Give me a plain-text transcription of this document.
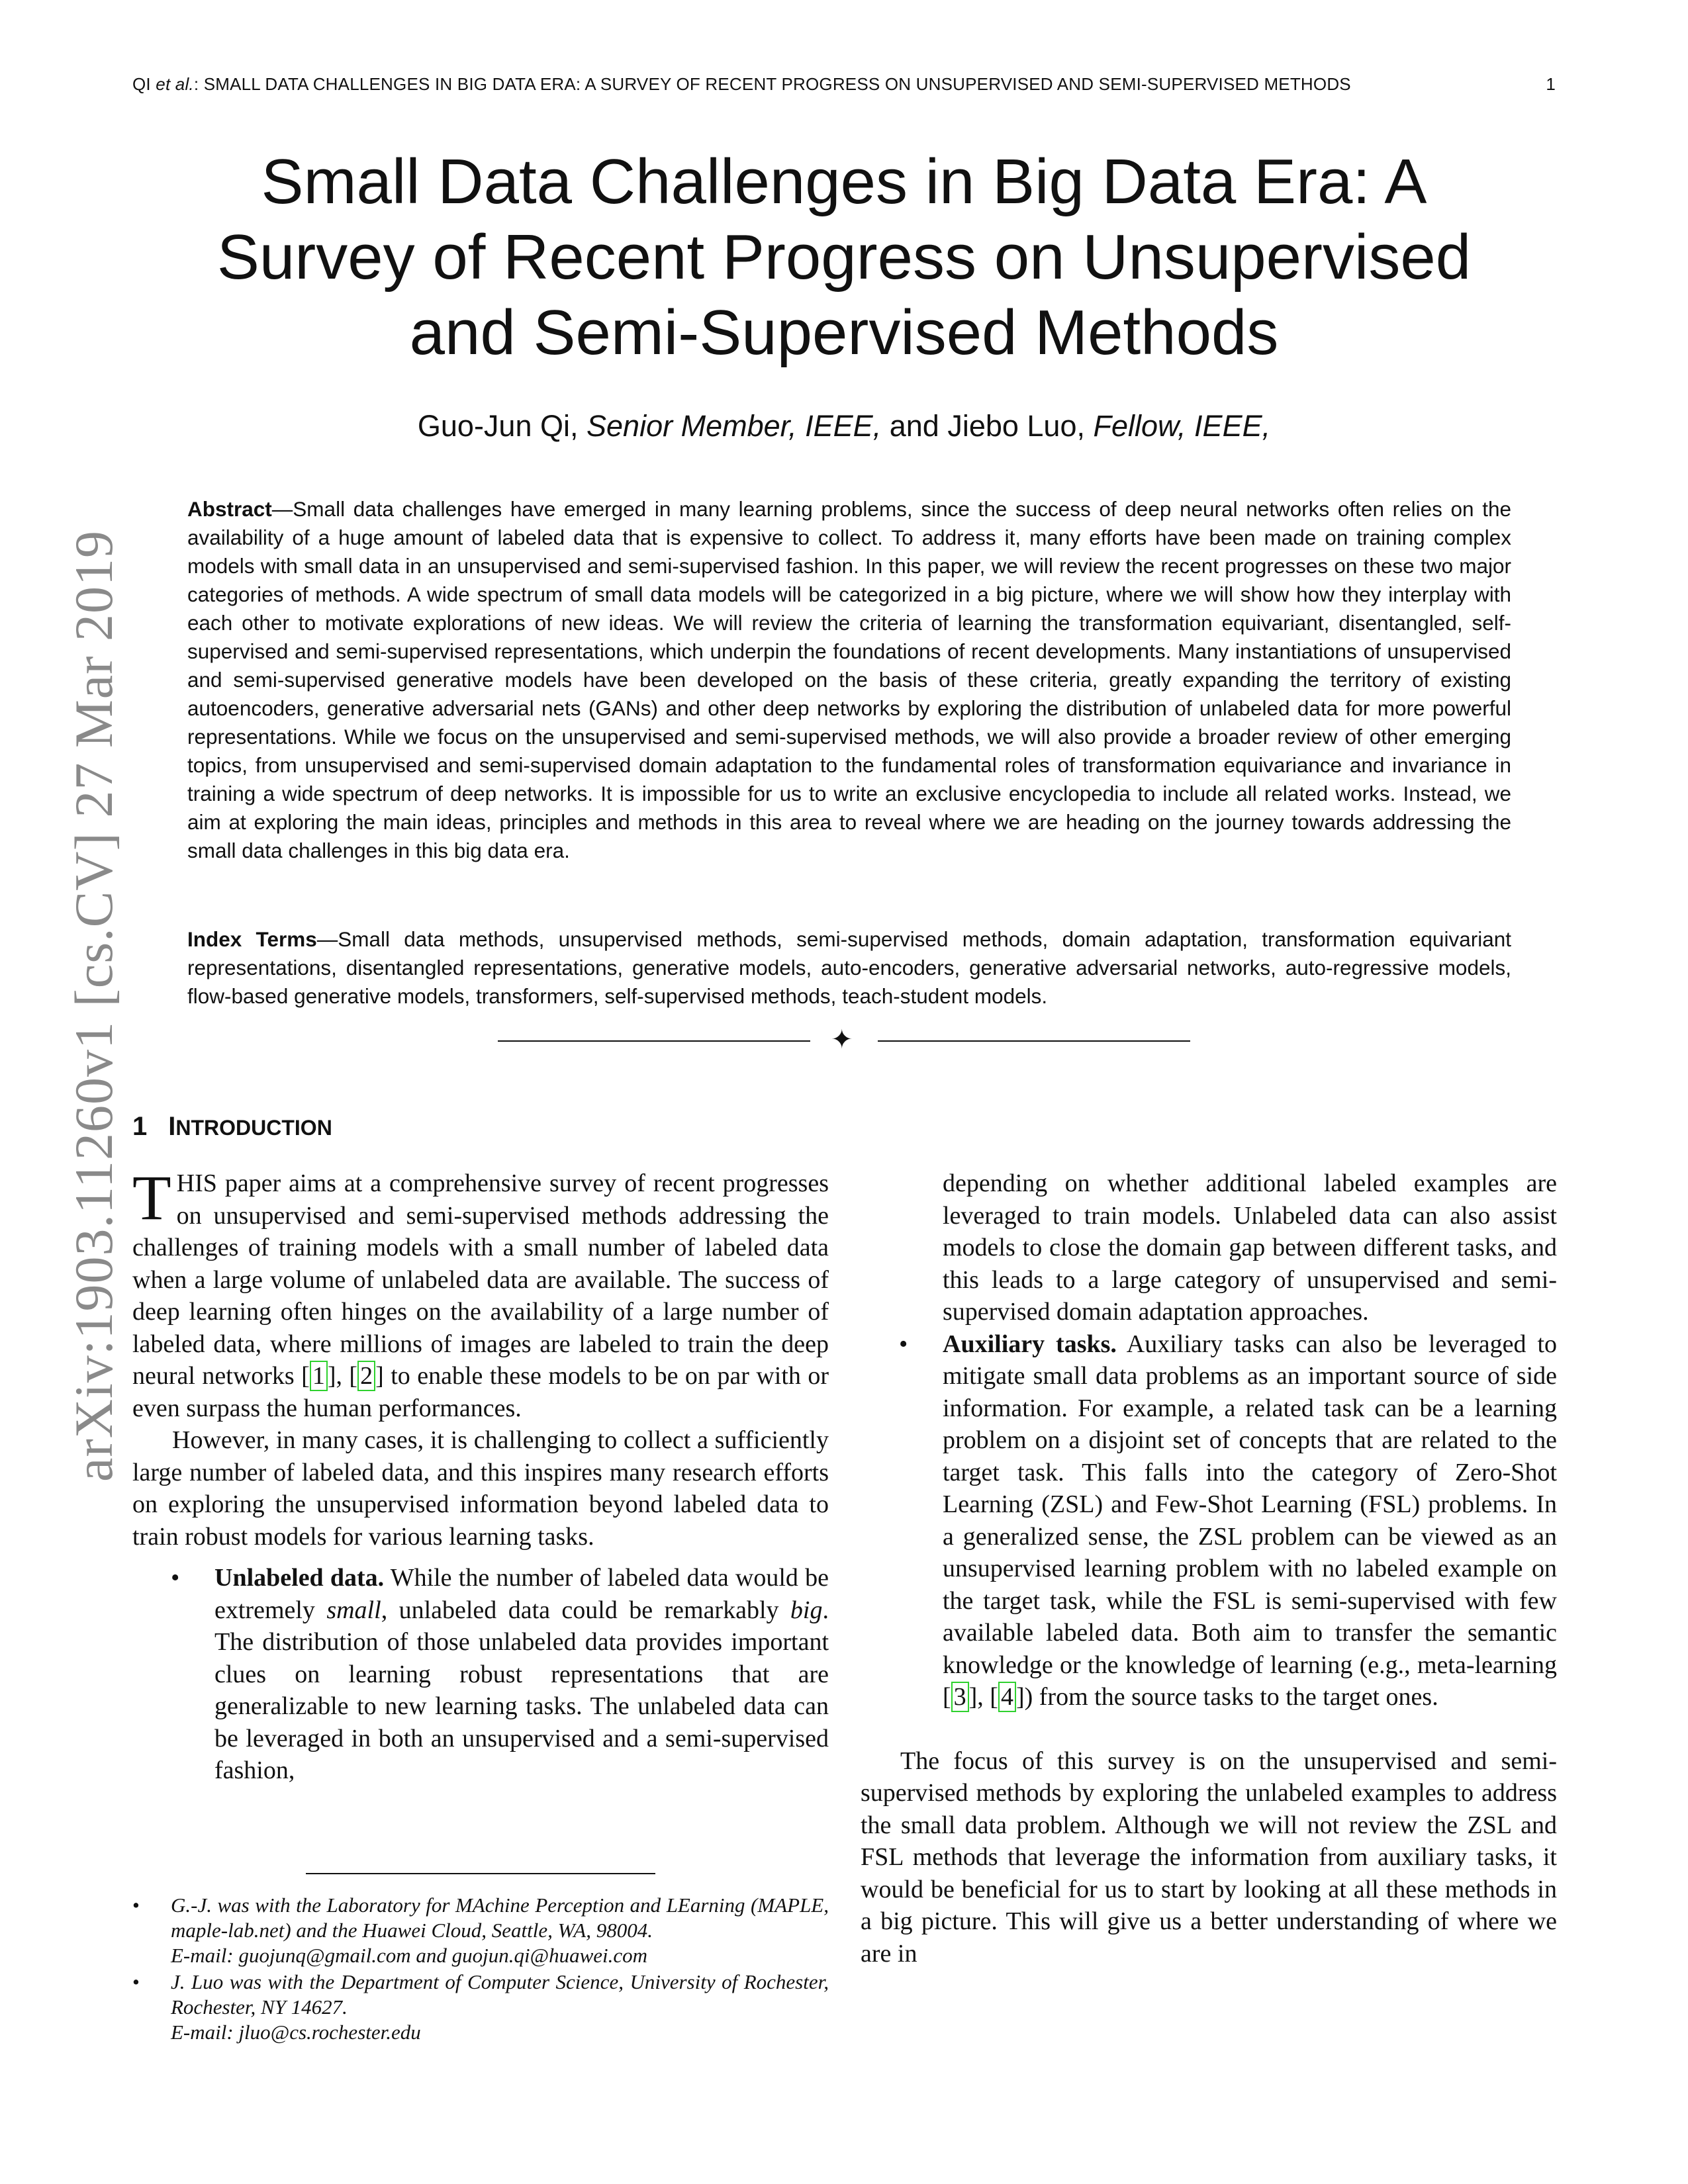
QI et al.: SMALL DATA CHALLENGES IN BIG DATA ERA: A SURVEY OF RECENT PROGRESS ON UNSUPERVISED AND SEMI-SUPERVISED METHODS	1
arXiv:1903.11260v1 [cs.CV] 27 Mar 2019
Small Data Challenges in Big Data Era: A
Survey of Recent Progress on Unsupervised
and Semi-Supervised Methods
Guo-Jun Qi, Senior Member, IEEE, and Jiebo Luo, Fellow, IEEE,
Abstract—Small data challenges have emerged in many learning problems, since the success of deep neural networks often relies on the availability of a huge amount of labeled data that is expensive to collect. To address it, many efforts have been made on training complex models with small data in an unsupervised and semi-supervised fashion. In this paper, we will review the recent progresses on these two major categories of methods. A wide spectrum of small data models will be categorized in a big picture, where we will show how they interplay with each other to motivate explorations of new ideas. We will review the criteria of learning the transformation equivariant, disentangled, self-supervised and semi-supervised representations, which underpin the foundations of recent developments. Many instantiations of unsupervised and semi-supervised generative models have been developed on the basis of these criteria, greatly expanding the territory of existing autoencoders, generative adversarial nets (GANs) and other deep networks by exploring the distribution of unlabeled data for more powerful representations. While we focus on the unsupervised and semi-supervised methods, we will also provide a broader review of other emerging topics, from unsupervised and semi-supervised domain adaptation to the fundamental roles of transformation equivariance and invariance in training a wide spectrum of deep networks. It is impossible for us to write an exclusive encyclopedia to include all related works. Instead, we aim at exploring the main ideas, principles and methods in this area to reveal where we are heading on the journey towards addressing the small data challenges in this big data era.
Index Terms—Small data methods, unsupervised methods, semi-supervised methods, domain adaptation, transformation equivariant representations, disentangled representations, generative models, auto-encoders, generative adversarial networks, auto-regressive models, flow-based generative models, transformers, self-supervised methods, teach-student models.
✦
1 INTRODUCTION

THIS paper aims at a comprehensive survey of recent progresses on unsupervised and semi-supervised methods addressing the challenges of training models with a small number of labeled data when a large volume of unlabeled data are available. The success of deep learning often hinges on the availability of a large number of labeled data, where millions of images are labeled to train the deep neural networks [ 1 ], [ 2 ] to enable these models to be on par with or even surpass the human performances.

However, in many cases, it is challenging to collect a sufficiently large number of labeled data, and this inspires many research efforts on exploring the unsupervised information beyond labeled data to train robust models for various learning tasks.

• Unlabeled data. While the number of labeled data would be extremely small, unlabeled data could be remarkably big. The distribution of those unlabeled data provides important clues on learning robust representations that are generalizable to new learning tasks. The unlabeled data can be leveraged in both an unsupervised and a semi-supervised fashion,

depending on whether additional labeled examples are leveraged to train models. Unlabeled data can also assist models to close the domain gap between different tasks, and this leads to a large category of unsupervised and semi-supervised domain adaptation approaches.

• Auxiliary tasks. Auxiliary tasks can also be leveraged to mitigate small data problems as an important source of side information. For example, a related task can be a learning problem on a disjoint set of concepts that are related to the target task. This falls into the category of Zero-Shot Learning (ZSL) and Few-Shot Learning (FSL) problems. In a generalized sense, the ZSL problem can be viewed as an unsupervised learning problem with no labeled example on the target task, while the FSL is semi-supervised with few available labeled data. Both aim to transfer the semantic knowledge or the knowledge of learning (e.g., meta-learning [ 3 ], [ 4 ]) from the source tasks to the target ones.

The focus of this survey is on the unsupervised and semi-supervised methods by exploring the unlabeled examples to address the small data problem. Although we will not review the ZSL and FSL methods that leverage the information from auxiliary tasks, it would be beneficial for us to start by looking at all these methods in a big picture. This will give us a better understanding of where we are in

• G.-J. was with the Laboratory for MAchine Perception and LEarning (MAPLE, maple-lab.net) and the Huawei Cloud, Seattle, WA, 98004.
E-mail: guojunq@gmail.com and guojun.qi@huawei.com
• J. Luo was with the Department of Computer Science, University of Rochester, Rochester, NY 14627.
E-mail: jluo@cs.rochester.edu
